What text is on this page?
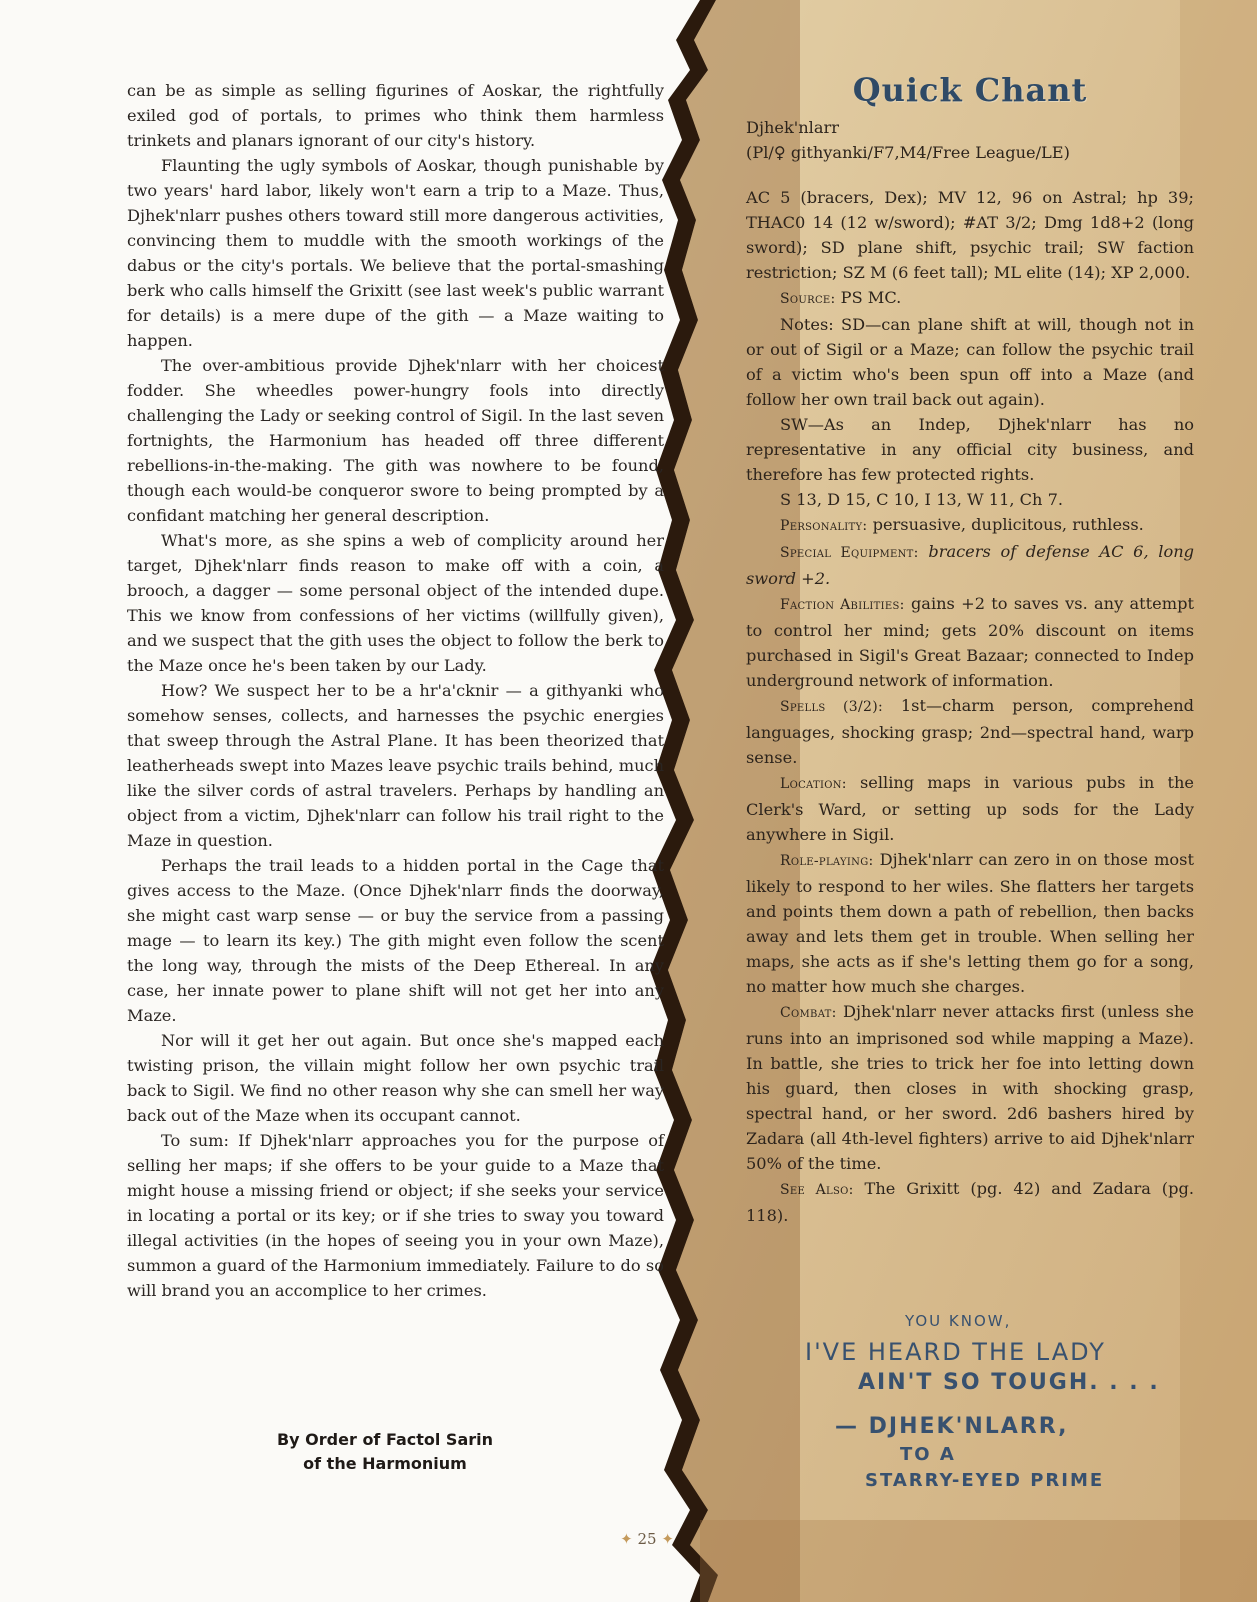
can be as simple as selling figurines of Aoskar, the rightfully exiled god of portals, to primes who think them harmless trinkets and planars ignorant of our city's history.

Flaunting the ugly symbols of Aoskar, though punishable by two years' hard labor, likely won't earn a trip to a Maze. Thus, Djhek'nlarr pushes others toward still more dangerous activities, convincing them to muddle with the smooth workings of the dabus or the city's portals. We believe that the portal-smashing berk who calls himself the Grixitt (see last week's public warrant for details) is a mere dupe of the gith — a Maze waiting to happen.

The over-ambitious provide Djhek'nlarr with her choicest fodder. She wheedles power-hungry fools into directly challenging the Lady or seeking control of Sigil. In the last seven fortnights, the Harmonium has headed off three different rebellions-in-the-making. The gith was nowhere to be found, though each would-be conqueror swore to being prompted by a confidant matching her general description.

What's more, as she spins a web of complicity around her target, Djhek'nlarr finds reason to make off with a coin, a brooch, a dagger — some personal object of the intended dupe. This we know from confessions of her victims (willfully given), and we suspect that the gith uses the object to follow the berk to the Maze once he's been taken by our Lady.

How? We suspect her to be a hr'a'cknir — a githyanki who somehow senses, collects, and harnesses the psychic energies that sweep through the Astral Plane. It has been theorized that leatherheads swept into Mazes leave psychic trails behind, much like the silver cords of astral travelers. Perhaps by handling an object from a victim, Djhek'nlarr can follow his trail right to the Maze in question.

Perhaps the trail leads to a hidden portal in the Cage that gives access to the Maze. (Once Djhek'nlarr finds the doorway, she might cast warp sense — or buy the service from a passing mage — to learn its key.) The gith might even follow the scent the long way, through the mists of the Deep Ethereal. In any case, her innate power to plane shift will not get her into any Maze.

Nor will it get her out again. But once she's mapped each twisting prison, the villain might follow her own psychic trail back to Sigil. We find no other reason why she can smell her way back out of the Maze when its occupant cannot.

To sum: If Djhek'nlarr approaches you for the purpose of selling her maps; if she offers to be your guide to a Maze that might house a missing friend or object; if she seeks your service in locating a portal or its key; or if she tries to sway you toward illegal activities (in the hopes of seeing you in your own Maze), summon a guard of the Harmonium immediately. Failure to do so will brand you an accomplice to her crimes.

By Order of Factol Sarin
of the Harmonium
Quick Chant

Djhek'nlarr

(Pl/♀ githyanki/F7,M4/Free League/LE)

AC 5 (bracers, Dex); MV 12, 96 on Astral; hp 39; THAC0 14 (12 w/sword); #AT 3/2; Dmg 1d8+2 (long sword); SD plane shift, psychic trail; SW faction restriction; SZ M (6 feet tall); ML elite (14); XP 2,000.

Source: PS MC.

Notes: SD—can plane shift at will, though not in or out of Sigil or a Maze; can follow the psychic trail of a victim who's been spun off into a Maze (and follow her own trail back out again).

SW—As an Indep, Djhek'nlarr has no representative in any official city business, and therefore has few protected rights.

S 13, D 15, C 10, I 13, W 11, Ch 7.

Personality: persuasive, duplicitous, ruthless.

Special Equipment: bracers of defense AC 6, long sword +2.

Faction Abilities: gains +2 to saves vs. any attempt to control her mind; gets 20% discount on items purchased in Sigil's Great Bazaar; connected to Indep underground network of information.

Spells (3/2): 1st—charm person, comprehend languages, shocking grasp; 2nd—spectral hand, warp sense.

Location: selling maps in various pubs in the Clerk's Ward, or setting up sods for the Lady anywhere in Sigil.

Role-playing: Djhek'nlarr can zero in on those most likely to respond to her wiles. She flatters her targets and points them down a path of rebellion, then backs away and lets them get in trouble. When selling her maps, she acts as if she's letting them go for a song, no matter how much she charges.

Combat: Djhek'nlarr never attacks first (unless she runs into an imprisoned sod while mapping a Maze). In battle, she tries to trick her foe into letting down his guard, then closes in with shocking grasp, spectral hand, or her sword. 2d6 bashers hired by Zadara (all 4th-level fighters) arrive to aid Djhek'nlarr 50% of the time.

See Also: The Grixitt (pg. 42) and Zadara (pg. 118).

YOU KNOW,
I'VE HEARD THE LADY
AIN'T SO TOUGH. . . .
— DJHEK'NLARR,
TO A
STARRY-EYED PRIME
✦ 25 ✦
